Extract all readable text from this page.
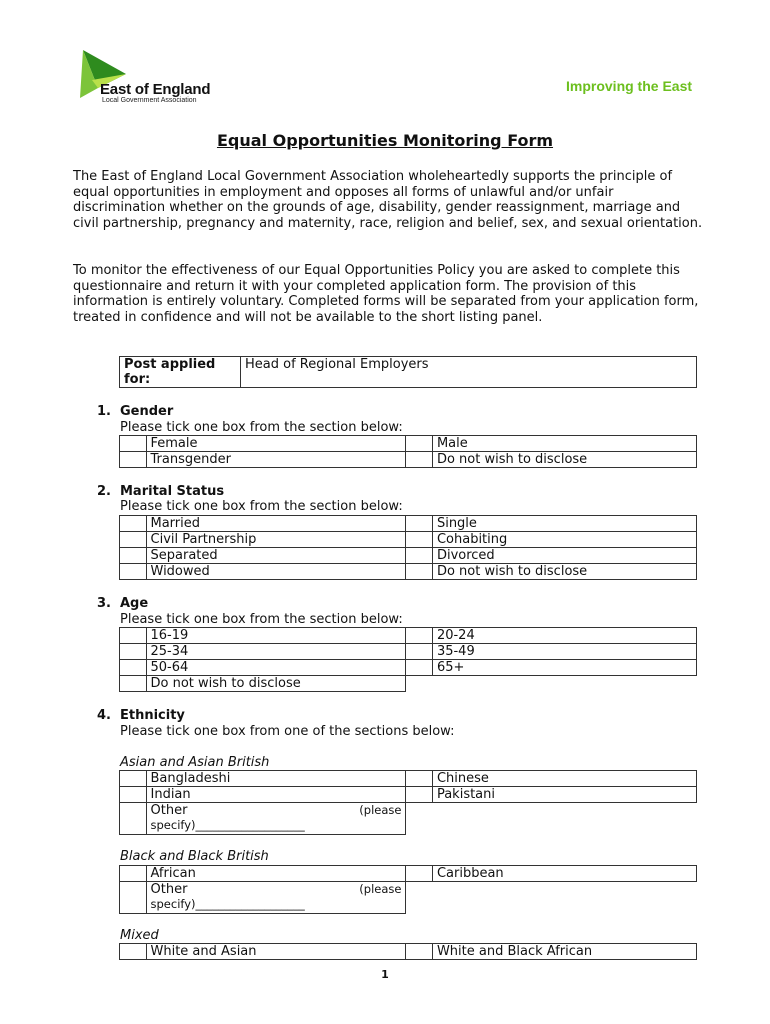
East of England
Local Government Association
Improving the East
Equal Opportunities Monitoring Form
The East of England Local Government Association wholeheartedly supports the principle of equal opportunities in employment and opposes all forms of unlawful and/or unfair discrimination whether on the grounds of age, disability, gender reassignment, marriage and civil partnership, pregnancy and maternity, race, religion and belief, sex, and sexual orientation.
To monitor the effectiveness of our Equal Opportunities Policy you are asked to complete this questionnaire and return it with your completed application form. The provision of this information is entirely voluntary. Completed forms will be separated from your application form, treated in confidence and will not be available to the short listing panel.
Post applied for:	Head of Regional Employers
1. Gender
Please tick one box from the section below:
	Female		Male
	Transgender		Do not wish to disclose
2. Marital Status
Please tick one box from the section below:
	Married		Single
	Civil Partnership		Cohabiting
	Separated		Divorced
	Widowed		Do not wish to disclose
3. Age
Please tick one box from the section below:
	16-19		20-24
	25-34		35-49
	50-64		65+
	Do not wish to disclose		
4. Ethnicity
Please tick one box from one of the sections below:
Asian and Asian British
	Bangladeshi		Chinese
	Indian		Pakistani
	Other (please

specify)___________________		
Black and Black British
	African		Caribbean
	Other (please

specify)___________________		
Mixed
	White and Asian		White and Black African
1
